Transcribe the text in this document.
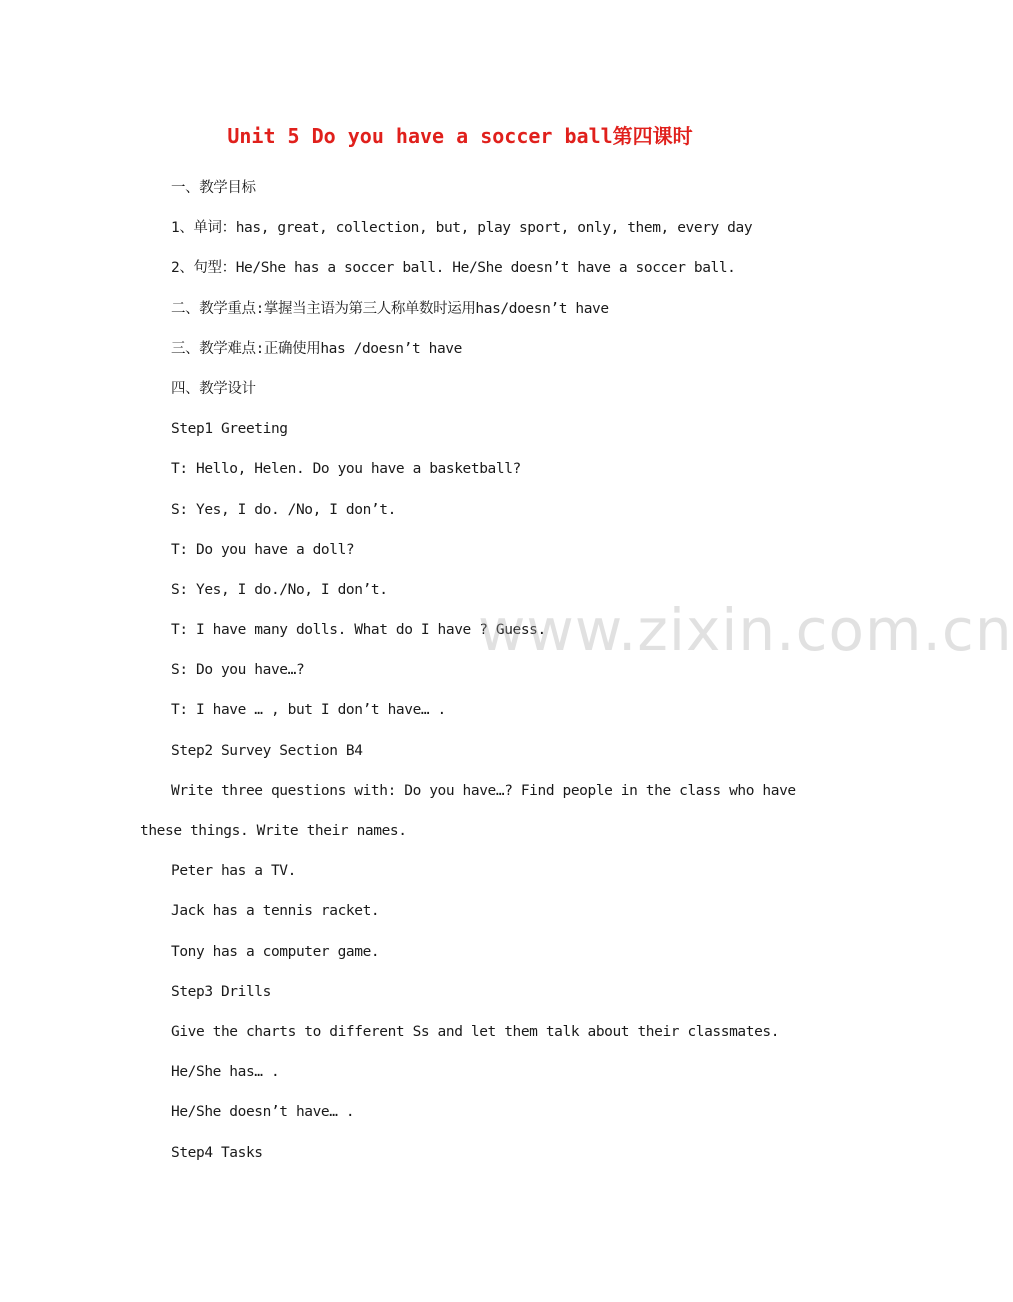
Unit 5 Do you have a soccer ball第四课时
一、教学目标
1、单词：has, great, collection, but, play sport, only, them, every day
2、句型：He/She has a soccer ball. He/She doesn’t have a soccer ball.
二、教学重点:掌握当主语为第三人称单数时运用has/doesn’t have
三、教学难点:正确使用has /doesn’t have
四、教学设计
Step1 Greeting
T: Hello, Helen. Do you have a basketball?
S: Yes, I do. /No, I don’t.
T: Do you have a doll?
S: Yes, I do./No, I don’t.
T: I have many dolls. What do I have ? Guess.
S: Do you have…?
T: I have … , but I don’t have… .
Step2 Survey Section B4
Write three questions with: Do you have…? Find people in the class who have
these things. Write their names.
Peter has a TV.
Jack has a tennis racket.
Tony has a computer game.
Step3 Drills
Give the charts to different Ss and let them talk about their classmates.
He/She has… .
He/She doesn’t have… .
Step4 Tasks
www.zixin.com.cn
